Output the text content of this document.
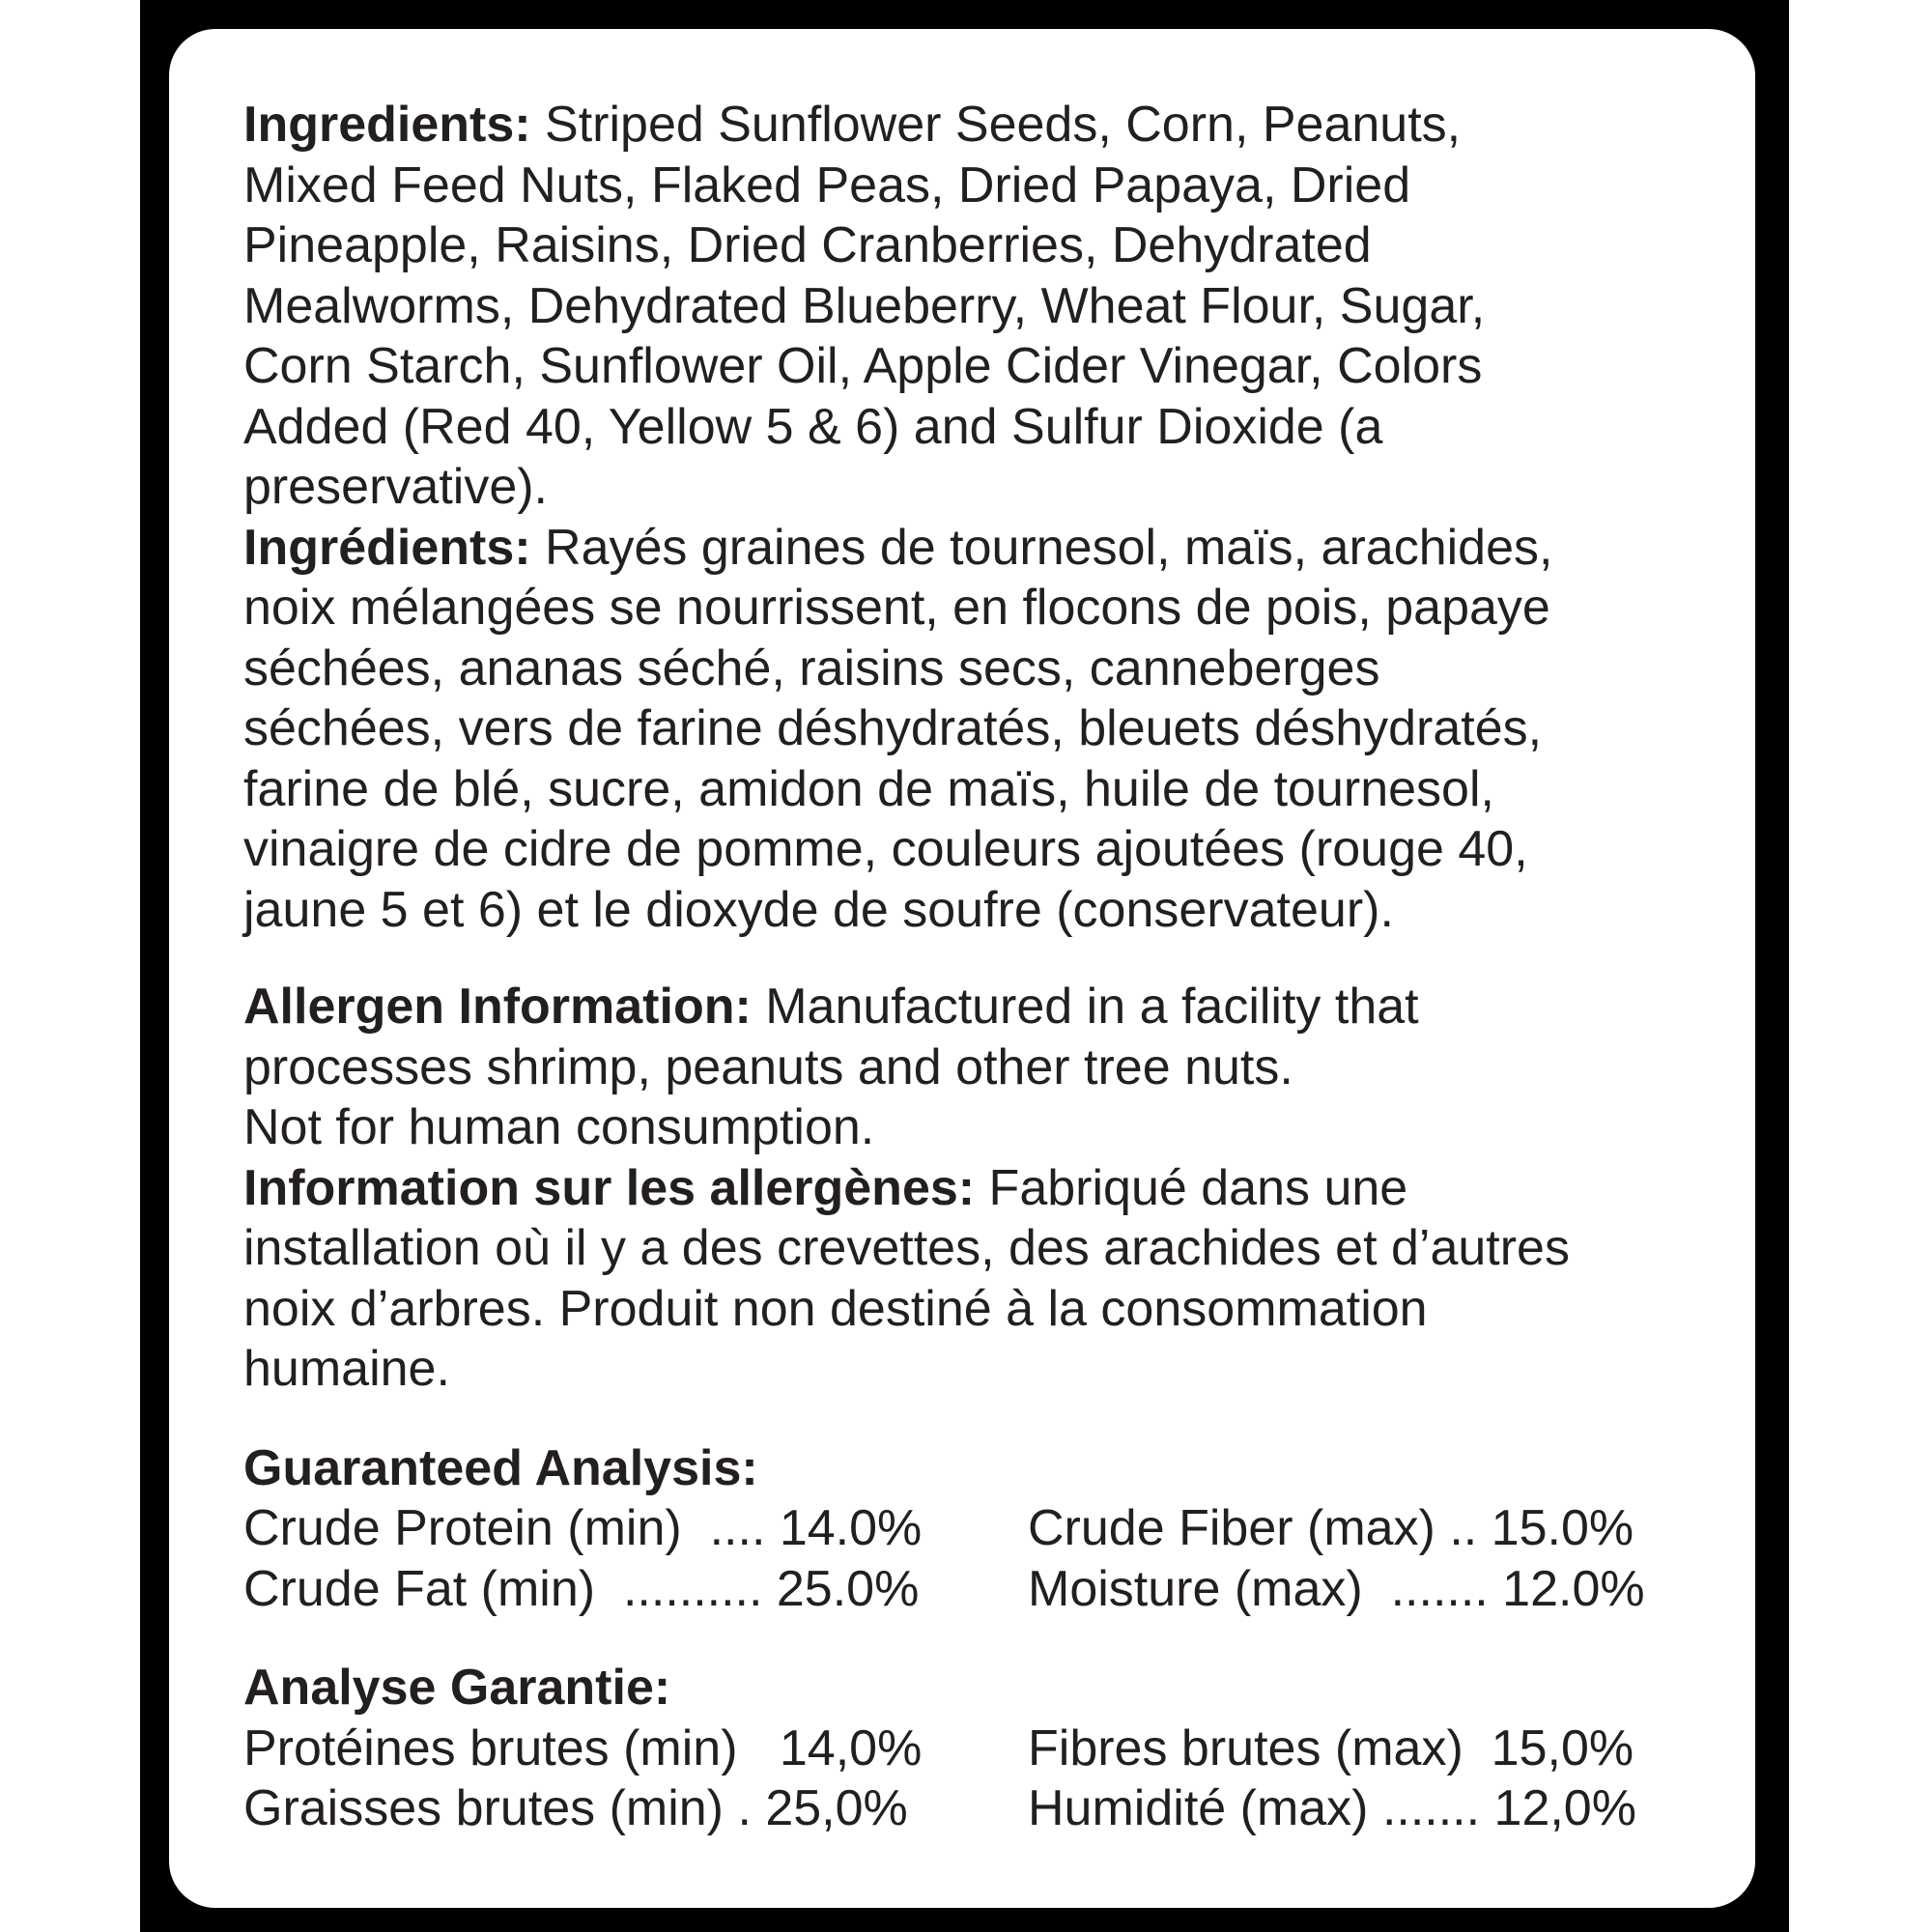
Ingredients: Striped Sunflower Seeds, Corn, Peanuts,
Mixed Feed Nuts, Flaked Peas, Dried Papaya, Dried
Pineapple, Raisins, Dried Cranberries, Dehydrated
Mealworms, Dehydrated Blueberry, Wheat Flour, Sugar,
Corn Starch, Sunflower Oil, Apple Cider Vinegar, Colors
Added (Red 40, Yellow 5 & 6) and Sulfur Dioxide (a
preservative).

Ingrédients: Rayés graines de tournesol, maïs, arachides,
noix mélangées se nourrissent, en flocons de pois, papaye
séchées, ananas séché, raisins secs, canneberges
séchées, vers de farine déshydratés, bleuets déshydratés,
farine de blé, sucre, amidon de maïs, huile de tournesol,
vinaigre de cidre de pomme, couleurs ajoutées (rouge 40,
jaune 5 et 6) et le dioxyde de soufre (conservateur).

Allergen Information: Manufactured in a facility that
processes shrimp, peanuts and other tree nuts.
Not for human consumption.

Information sur les allergènes: Fabriqué dans une
installation où il y a des crevettes, des arachides et d’autres
noix d’arbres. Produit non destiné à la consommation
humaine.

Guaranteed Analysis:
Crude Protein (min)  .... 14.0%	Crude Fiber (max) .. 15.0%
Crude Fat (min)  .......... 25.0%	Moisture (max)  ....... 12.0%
Analyse Garantie:
Protéines brutes (min)   14,0%	Fibres brutes (max)  15,0%
Graisses brutes (min) . 25,0%	Humidité (max) ....... 12,0%
